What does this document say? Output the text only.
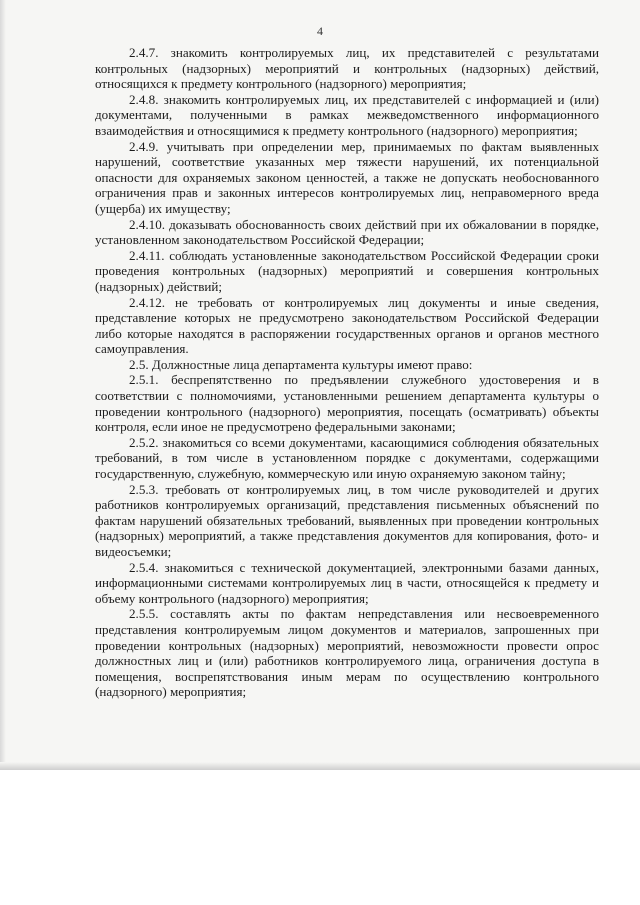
4

2.4.7. знакомить контролируемых лиц, их представителей с результатами контрольных (надзорных) мероприятий и контрольных (надзорных) действий, относящихся к предмету контрольного (надзорного) мероприятия;

2.4.8. знакомить контролируемых лиц, их представителей с информацией и (или) документами, полученными в рамках межведомственного информационного взаимодействия и относящимися к предмету контрольного (надзорного) мероприятия;

2.4.9. учитывать при определении мер, принимаемых по фактам выявленных нарушений, соответствие указанных мер тяжести нарушений, их потенциальной опасности для охраняемых законом ценностей, а также не допускать необоснованного ограничения прав и законных интересов контролируемых лиц, неправомерного вреда (ущерба) их имуществу;

2.4.10. доказывать обоснованность своих действий при их обжаловании в порядке, установленном законодательством Российской Федерации;

2.4.11. соблюдать установленные законодательством Российской Федерации сроки проведения контрольных (надзорных) мероприятий и совершения контрольных (надзорных) действий;

2.4.12. не требовать от контролируемых лиц документы и иные сведения, представление которых не предусмотрено законодательством Российской Федерации либо которые находятся в распоряжении государственных органов и органов местного самоуправления.

2.5. Должностные лица департамента культуры имеют право:

2.5.1. беспрепятственно по предъявлении служебного удостоверения и в соответствии с полномочиями, установленными решением департамента культуры о проведении контрольного (надзорного) мероприятия, посещать (осматривать) объекты контроля, если иное не предусмотрено федеральными законами;

2.5.2. знакомиться со всеми документами, касающимися соблюдения обязательных требований, в том числе в установленном порядке с документами, содержащими государственную, служебную, коммерческую или иную охраняемую законом тайну;

2.5.3. требовать от контролируемых лиц, в том числе руководителей и других работников контролируемых организаций, представления письменных объяснений по фактам нарушений обязательных требований, выявленных при проведении контрольных (надзорных) мероприятий, а также представления документов для копирования, фото- и видеосъемки;

2.5.4. знакомиться с технической документацией, электронными базами данных, информационными системами контролируемых лиц в части, относящейся к предмету и объему контрольного (надзорного) мероприятия;

2.5.5. составлять акты по фактам непредставления или несвоевременного представления контролируемым лицом документов и материалов, запрошенных при проведении контрольных (надзорных) мероприятий, невозможности провести опрос должностных лиц и (или) работников контролируемого лица, ограничения доступа в помещения, воспрепятствования иным мерам по осуществлению контрольного (надзорного) мероприятия;
